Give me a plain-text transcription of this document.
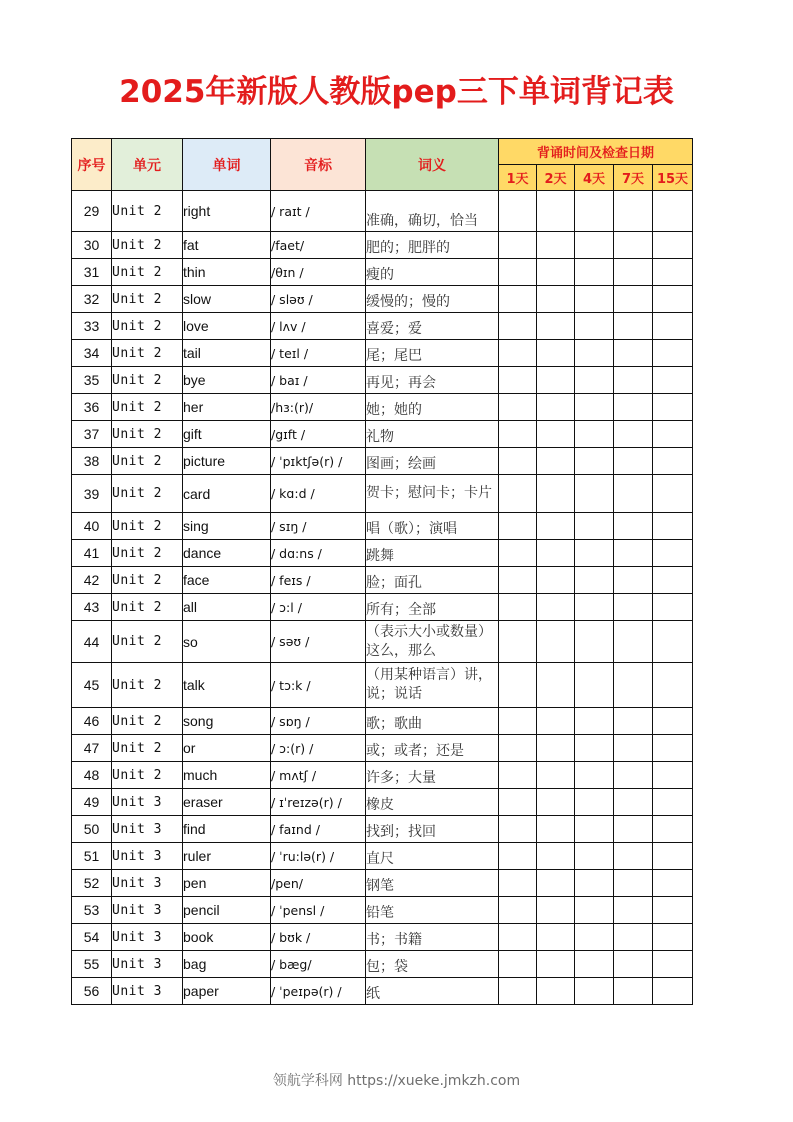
2025年新版人教版pep三下单词背记表
序号	单元	单词	音标	词义	背诵时间及检查日期				
					1天	2天	4天	7天	15天
29	Unit 2	right	/ raɪt /	准确，确切，恰当					
30	Unit 2	fat	/faet/	肥的；肥胖的					
31	Unit 2	thin	/θɪn /	瘦的					
32	Unit 2	slow	/ sləʊ /	缓慢的；慢的					
33	Unit 2	love	/ lʌv /	喜爱；爱					
34	Unit 2	tail	/ teɪl /	尾；尾巴					
35	Unit 2	bye	/ baɪ /	再见；再会					
36	Unit 2	her	/hɜ:(r)/	她；她的					
37	Unit 2	gift	/gɪft /	礼物					
38	Unit 2	picture	/ ˈpɪktʃə(r) /	图画；绘画					
39	Unit 2	card	/ kɑ:d /	贺卡；慰问卡；卡片					
40	Unit 2	sing	/ sɪŋ /	唱（歌）；演唱					
41	Unit 2	dance	/ dɑ:ns /	跳舞					
42	Unit 2	face	/ feɪs /	脸；面孔					
43	Unit 2	all	/ ɔ:l /	所有；全部					
44	Unit 2	so	/ səʊ /	（表示大小或数量）这么，那么					
45	Unit 2	talk	/ tɔ:k /	（用某种语言）讲，说；说话					
46	Unit 2	song	/ sɒŋ /	歌；歌曲					
47	Unit 2	or	/ ɔ:(r) /	或；或者；还是					
48	Unit 2	much	/ mʌtʃ /	许多；大量					
49	Unit 3	eraser	/ ɪˈreɪzə(r) /	橡皮					
50	Unit 3	find	/ faɪnd /	找到；找回					
51	Unit 3	ruler	/ ˈru:lə(r) /	直尺					
52	Unit 3	pen	/pen/	钢笔					
53	Unit 3	pencil	/ ˈpensl /	铅笔					
54	Unit 3	book	/ bʊk /	书；书籍					
55	Unit 3	bag	/ bæg/	包；袋					
56	Unit 3	paper	/ ˈpeɪpə(r) /	纸					
领航学科网 https://xueke.jmkzh.com
